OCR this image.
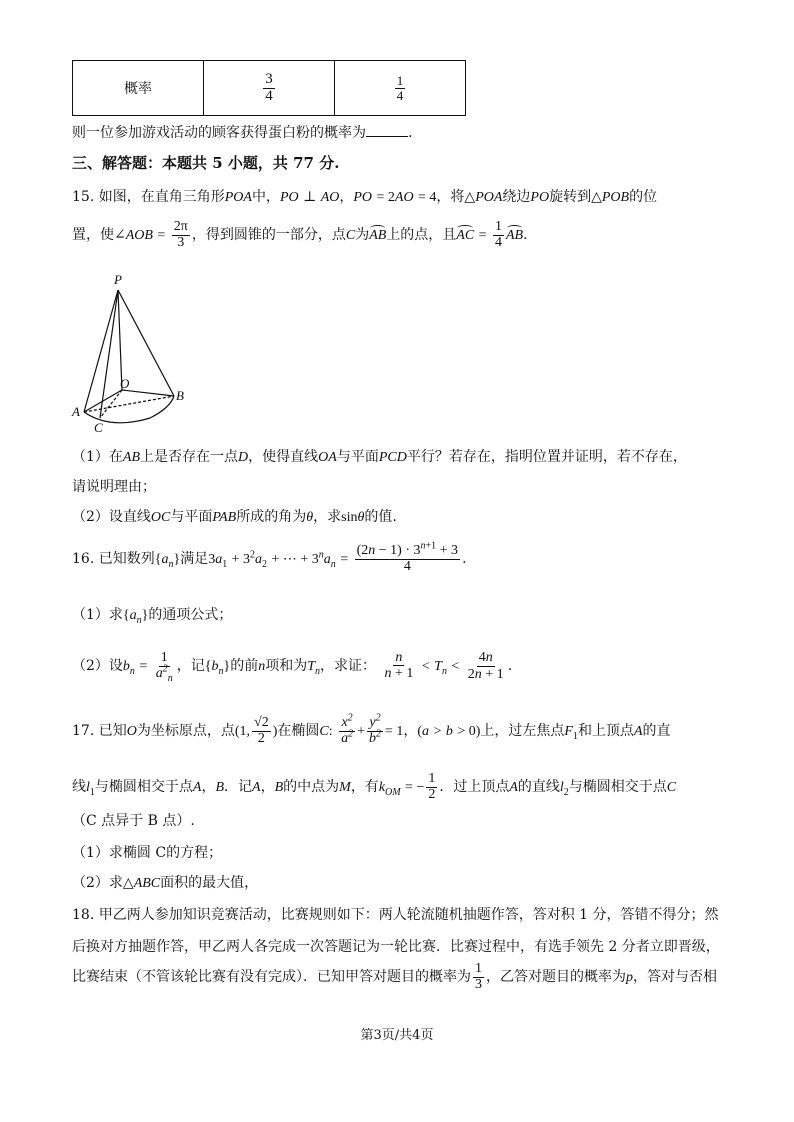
概率	$\frac{3}{4}$	$\frac{1}{4}$
则一位参加游戏活动的顾客获得蛋白粉的概率为	.
三、解答题：本题共 5 小题，共 77 分.
15. 如图，在直角三角形POA中，PO ⊥ AO，PO = 2AO = 4，将△POA绕边PO旋转到△POB的位
置，使∠AOB = $\frac{2\pi}{3}$ ，得到圆锥的一部分，点C为AB上的点，且AC = $\frac{1}{4}$ AB.
P
O
A
B
C
（1）在AB上是否存在一点D，使得直线OA与平面PCD平行？若存在，指明位置并证明，若不存在，
请说明理由；
（2）设直线OC与平面PAB所成的角为θ，求sinθ的值.
16. 已知数列$\{a_n\}$满足$3a_1 + 3^2a_2$ + ⋯ + $3^na_n = \frac{(2n - 1) \cdot 3^{n+1} + 3}{4}$ .
（1）求$\{a_n\}$的通项公式；
（2）设$b_n = \frac{1}{a^2_n}$ ，记$\{b_n\}$的前n项和为$T_n$，求证： $\frac{n}{n + 1} < T_n < \frac{4n}{2n + 1}$ .
17. 已知O为坐标原点，点(1, $\frac{√2}{2}$ )在椭圆C: $\frac{x^2}{a^2} + \frac{y^2}{b^2} = 1$，(a > b > 0)上，过左焦点$F_1$和上顶点A的直
线$l_1$与椭圆相交于点A，B．记A，B的中点为M，有$k_{OM}$ = − $\frac{1}{2}$ ．过上顶点A的直线$l_2$与椭圆相交于点C
（C 点异于 B 点）.
（1）求椭圆 C的方程；
（2）求△ABC面积的最大值，
18. 甲乙两人参加知识竞赛活动，比赛规则如下：两人轮流随机抽题作答，答对积 1 分，答错不得分；然
后换对方抽题作答，甲乙两人各完成一次答题记为一轮比赛．比赛过程中，有选手领先 2 分者立即晋级，
比赛结束（不管该轮比赛有没有完成）．已知甲答对题目的概率为 $\frac{1}{3}$ ，乙答对题目的概率为p，答对与否相
第3页/共4页
